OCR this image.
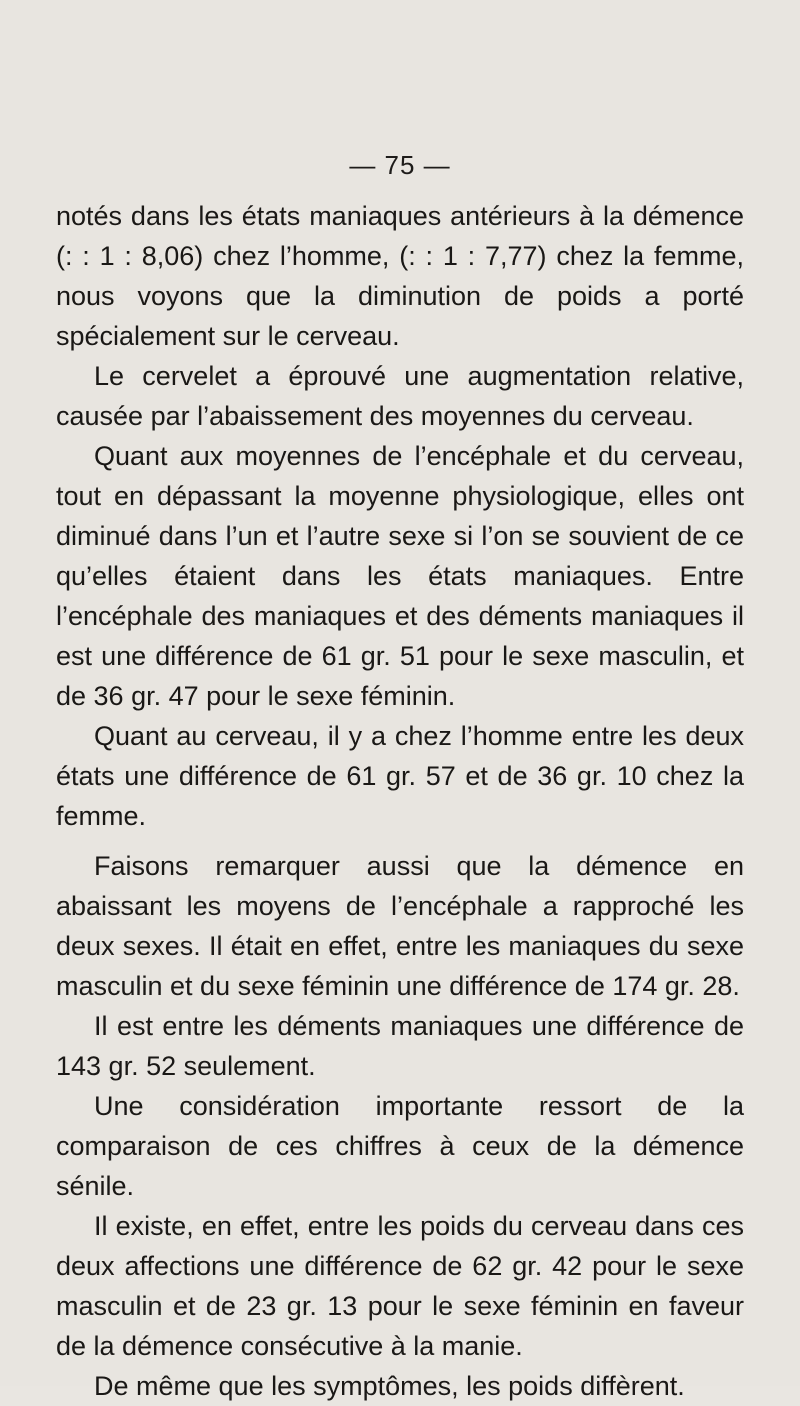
— 75 —

notés dans les états maniaques antérieurs à la démence (: : 1 : 8,06) chez l’homme, (: : 1 : 7,77) chez la femme, nous voyons que la diminution de poids a porté spécialement sur le cerveau.

Le cervelet a éprouvé une augmentation relative, causée par l’abaissement des moyennes du cerveau.

Quant aux moyennes de l’encéphale et du cerveau, tout en dépassant la moyenne physiologique, elles ont diminué dans l’un et l’autre sexe si l’on se souvient de ce qu’elles étaient dans les états maniaques. Entre l’encéphale des maniaques et des déments maniaques il est une différence de 61 gr. 51 pour le sexe masculin, et de 36 gr. 47 pour le sexe féminin.

Quant au cerveau, il y a chez l’homme entre les deux états une différence de 61 gr. 57 et de 36 gr. 10 chez la femme.

Faisons remarquer aussi que la démence en abaissant les moyens de l’encéphale a rapproché les deux sexes. Il était en effet, entre les maniaques du sexe masculin et du sexe féminin une différence de 174 gr. 28.

Il est entre les déments maniaques une différence de 143 gr. 52 seulement.

Une considération importante ressort de la comparaison de ces chiffres à ceux de la démence sénile.

Il existe, en effet, entre les poids du cerveau dans ces deux affections une différence de 62 gr. 42 pour le sexe masculin et de 23 gr. 13 pour le sexe féminin en faveur de la démence consécutive à la manie.

De même que les symptômes, les poids diffèrent.
